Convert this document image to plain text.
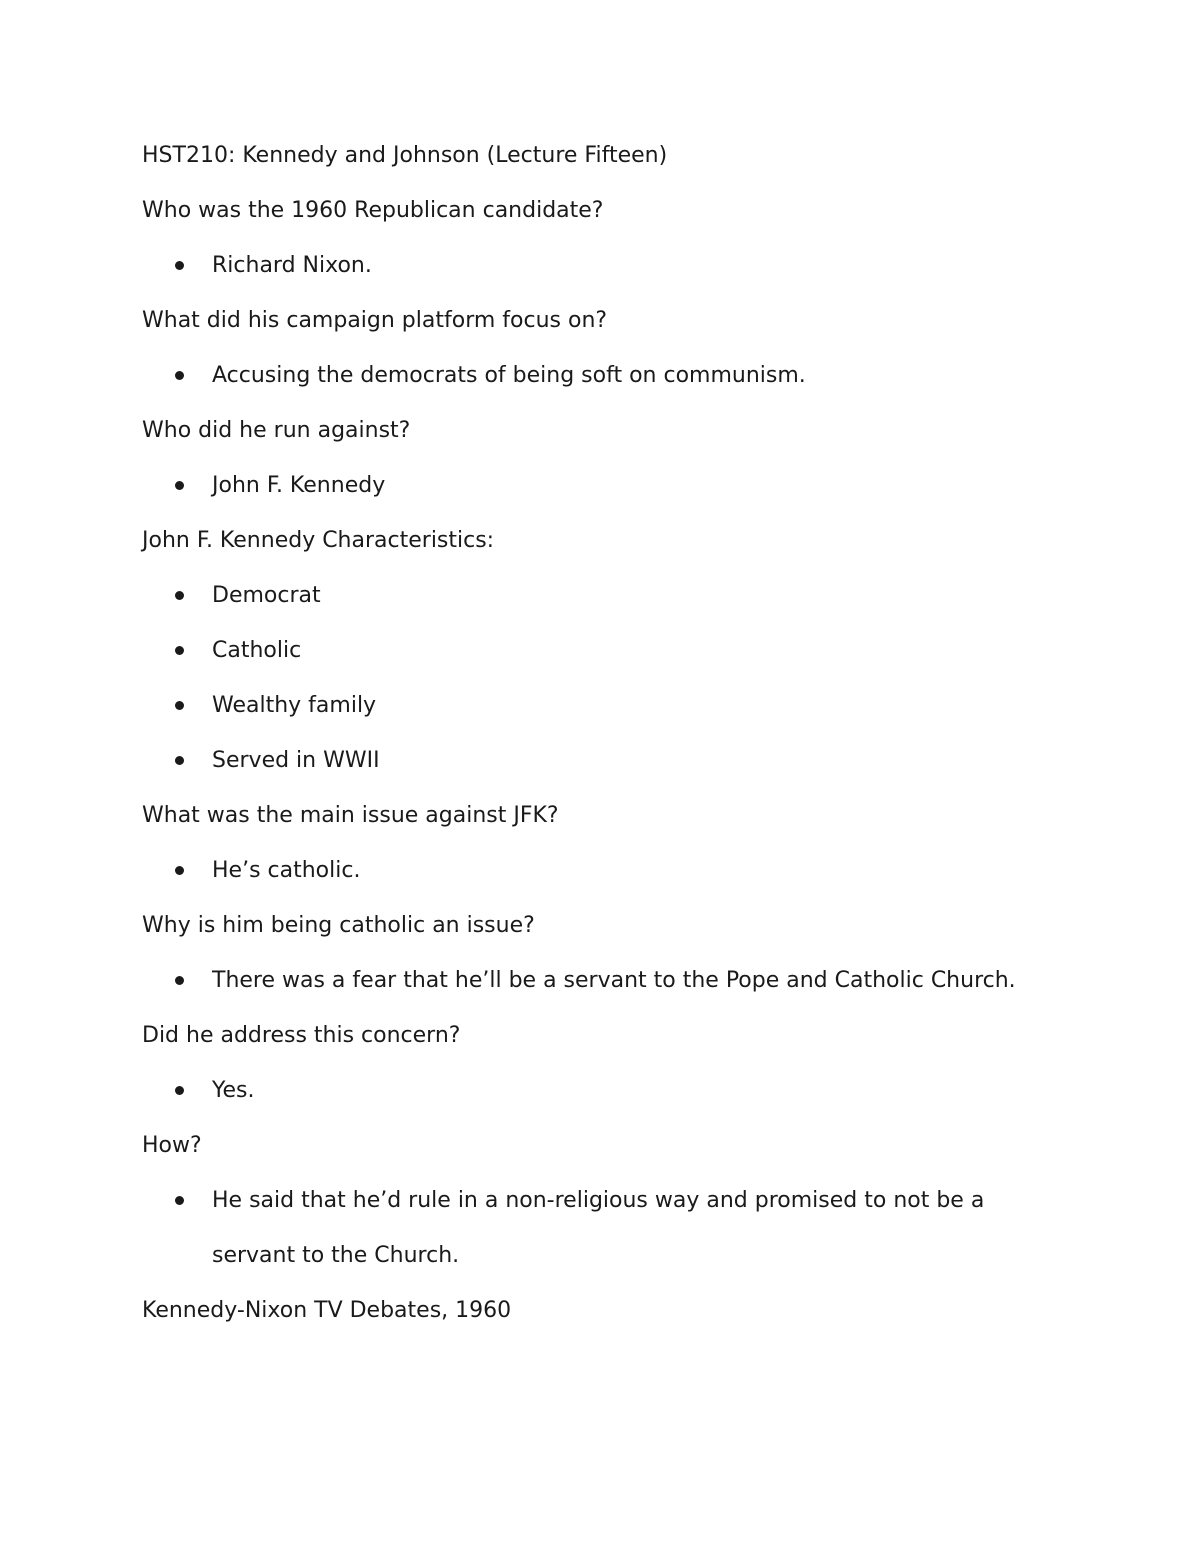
HST210: Kennedy and Johnson (Lecture Fifteen)
Who was the 1960 Republican candidate?
Richard Nixon.
What did his campaign platform focus on?
Accusing the democrats of being soft on communism.
Who did he run against?
John F. Kennedy
John F. Kennedy Characteristics:
Democrat
Catholic
Wealthy family
Served in WWII
What was the main issue against JFK?
He’s catholic.
Why is him being catholic an issue?
There was a fear that he’ll be a servant to the Pope and Catholic Church.
Did he address this concern?
Yes.
How?
He said that he’d rule in a non-religious way and promised to not be a servant to the Church.
Kennedy-Nixon TV Debates, 1960
